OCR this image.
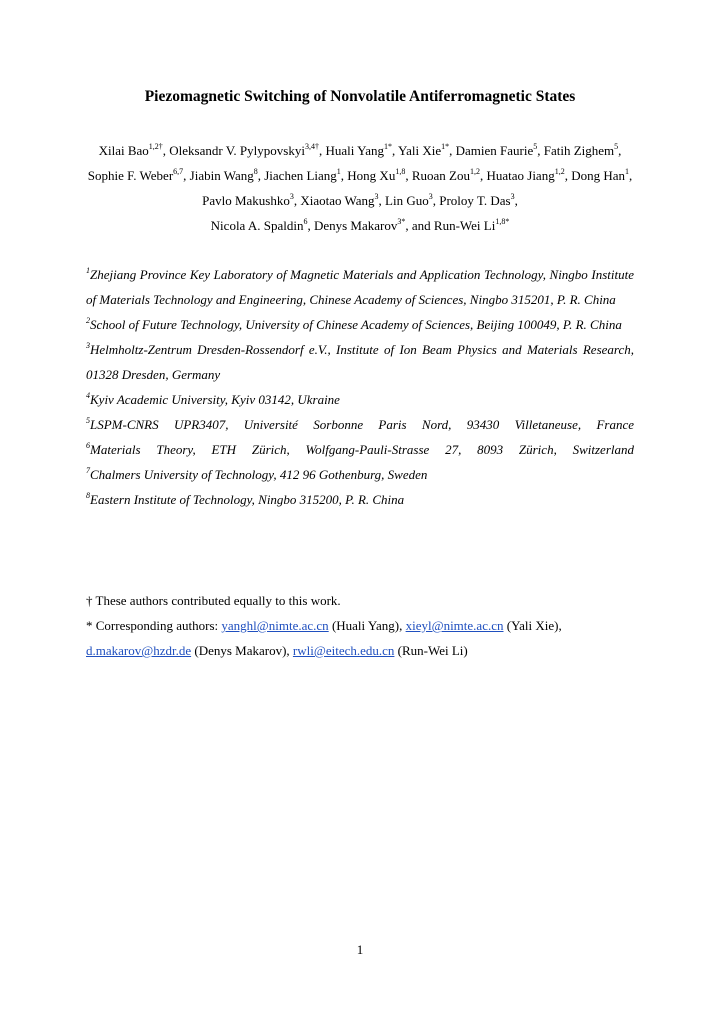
Piezomagnetic Switching of Nonvolatile Antiferromagnetic States
Xilai Bao$^{1,2\dagger}$, Oleksandr V. Pylypovskyi$^{3,4\dagger}$, Huali Yang$^{1*}$, Yali Xie$^{1*}$, Damien Faurie$^5$, Fatih Zighem$^5$, Sophie F. Weber$^{6,7}$, Jiabin Wang$^8$, Jiachen Liang$^1$, Hong Xu$^{1,8}$, Ruoan Zou$^{1,2}$, Huatao Jiang$^{1,2}$, Dong Han$^1$, Pavlo Makushko$^3$, Xiaotao Wang$^3$, Lin Guo$^3$, Proloy T. Das$^3$,
Nicola A. Spaldin$^6$, Denys Makarov$^{3*}$, and Run-Wei $Li^{1,8*}$
$^1$Zhejiang Province Key Laboratory of Magnetic Materials and Application Technology, Ningbo Institute of Materials Technology and Engineering, Chinese Academy of Sciences, Ningbo 315201, P. R. China
$^2$School of Future Technology, University of Chinese Academy of Sciences, Beijing 100049, P. R. China
$^3$Helmholtz-Zentrum Dresden-Rossendorf e.V., Institute of Ion Beam Physics and Materials Research, 01328 Dresden, Germany
$^4$Kyiv Academic University, Kyiv 03142, Ukraine
$^5$LSPM-CNRS UPR3407, Université Sorbonne Paris Nord, 93430 Villetaneuse, France
$^6$Materials Theory, ETH Zürich, Wolfgang-Pauli-Strasse 27, 8093 Zürich, Switzerland
$^7$Chalmers University of Technology, 412 96 Gothenburg, Sweden
$^8$Eastern Institute of Technology, Ningbo 315200, P. R. China
† These authors contributed equally to this work.
* Corresponding authors: yanghl@nimte.ac.cn (Huali Yang), xieyl@nimte.ac.cn (Yali Xie), d.makarov@hzdr.de (Denys Makarov), rwli@eitech.edu.cn (Run-Wei Li)
1
